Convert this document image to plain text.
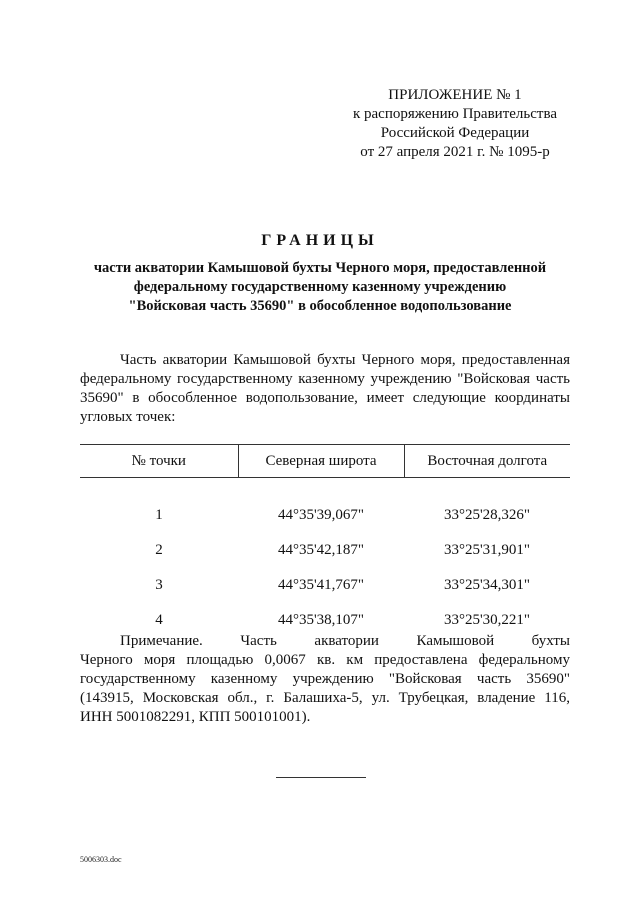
ПРИЛОЖЕНИЕ № 1
к распоряжению Правительства
Российской Федерации
от 27 апреля 2021 г. № 1095-р
ГРАНИЦЫ
части акватории Камышовой бухты Черного моря, предоставленной
федеральному государственному казенному учреждению
"Войсковая часть 35690" в обособленное водопользование
Часть акватории Камышовой бухты Черного моря, предоставленная
федеральному государственному казенному учреждению "Войсковая часть
35690" в обособленное водопользование, имеет следующие координаты
угловых точек:
№ точки	Северная широта	Восточная долгота

1	44°35'39,067"	33°25'28,326"
2	44°35'42,187"	33°25'31,901"
3	44°35'41,767"	33°25'34,301"
4	44°35'38,107"	33°25'30,221"
Примечание. Часть акватории Камышовой бухты
Черного моря площадью 0,0067 кв. км предоставлена федеральному
государственному казенному учреждению "Войсковая часть 35690"
(143915, Московская обл., г. Балашиха-5, ул. Трубецкая, владение 116,
ИНН 5001082291, КПП 500101001).
5006303.doc
